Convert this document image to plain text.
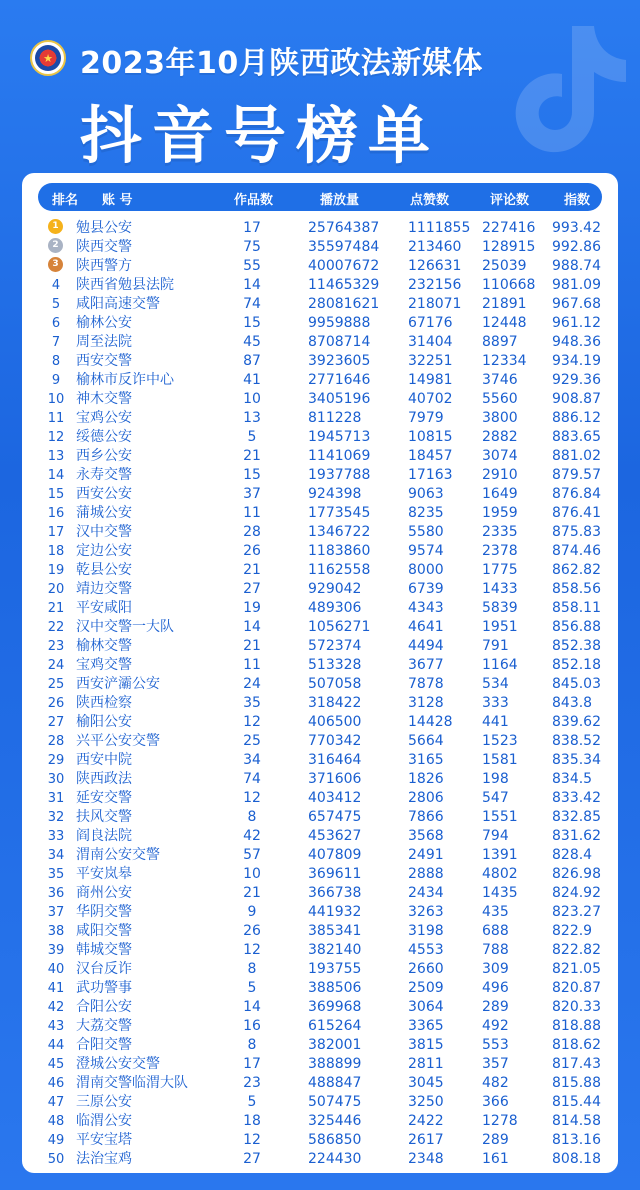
★ 2023年10月陕西政法新媒体
抖音号榜单
排名 账 号	作品数	播放量	点赞数	评论数	指数
1	勉县公安	17	25764387 1111855 227416 993.42
2	陕西交警	75	35597484 213460 128915 992.86
3	陕西警方	55	40007672 126631 25039 988.74
4	陕西省勉县法院	14	11465329 232156 110668 981.09
5	咸阳高速交警	74	28081621 218071 21891 967.68
6	榆林公安	15	9959888	67176 12448 961.12
7	周至法院	45	8708714	31404 8897 948.36
8	西安交警	87	3923605	32251 12334 934.19
9	榆林市反诈中心	41	2771646	14981 3746 929.36
10 神木交警	10	3405196	40702 5560 908.87
11 宝鸡公安	13	811228	7979	3800 886.12
12 绥德公安	5	1945713	10815 2882 883.65
13 西乡公安	21	1141069	18457 3074 881.02
14 永寿交警	15	1937788	17163 2910 879.57
15 西安公安	37	924398	9063	1649 876.84
16 蒲城公安	11	1773545	8235	1959 876.41
17 汉中交警	28	1346722	5580	2335 875.83
18 定边公安	26	1183860	9574	2378 874.46
19 乾县公安	21	1162558	8000	1775 862.82
20 靖边交警	27	929042	6739	1433 858.56
21 平安咸阳	19	489306	4343	5839 858.11
22 汉中交警一大队	14	1056271	4641	1951 856.88
23 榆林交警	21	572374	4494	791	852.38
24 宝鸡交警	11	513328	3677	1164 852.18
25 西安浐灞公安	24	507058	7878	534	845.03
26 陕西检察	35	318422	3128	333	843.8
27 榆阳公安	12	406500	14428 441	839.62
28 兴平公安交警	25	770342	5664	1523 838.52
29 西安中院	34	316464	3165	1581 835.34
30 陕西政法	74	371606	1826	198	834.5
31 延安交警	12	403412	2806	547	833.42
32 扶风交警	8	657475	7866	1551 832.85
33 阎良法院	42	453627	3568	794	831.62
34 渭南公安交警	57	407809	2491	1391 828.4
35 平安岚皋	10	369611	2888	4802 826.98
36 商州公安	21	366738	2434	1435 824.92
37 华阴交警	9	441932	3263	435	823.27
38 咸阳交警	26	385341	3198	688	822.9
39 韩城交警	12	382140	4553	788	822.82
40 汉台反诈	8	193755	2660	309	821.05
41 武功警事	5	388506	2509	496	820.87
42 合阳公安	14	369968	3064	289	820.33
43 大荔交警	16	615264	3365	492	818.88
44 合阳交警	8	382001	3815	553	818.62
45 澄城公安交警	17	388899	2811	357	817.43
46 渭南交警临渭大队	23	488847	3045	482	815.88
47 三原公安	5	507475	3250	366	815.44
48 临渭公安	18	325446	2422	1278 814.58
49 平安宝塔	12	586850	2617	289	813.16
50 法治宝鸡	27	224430	2348	161	808.18
